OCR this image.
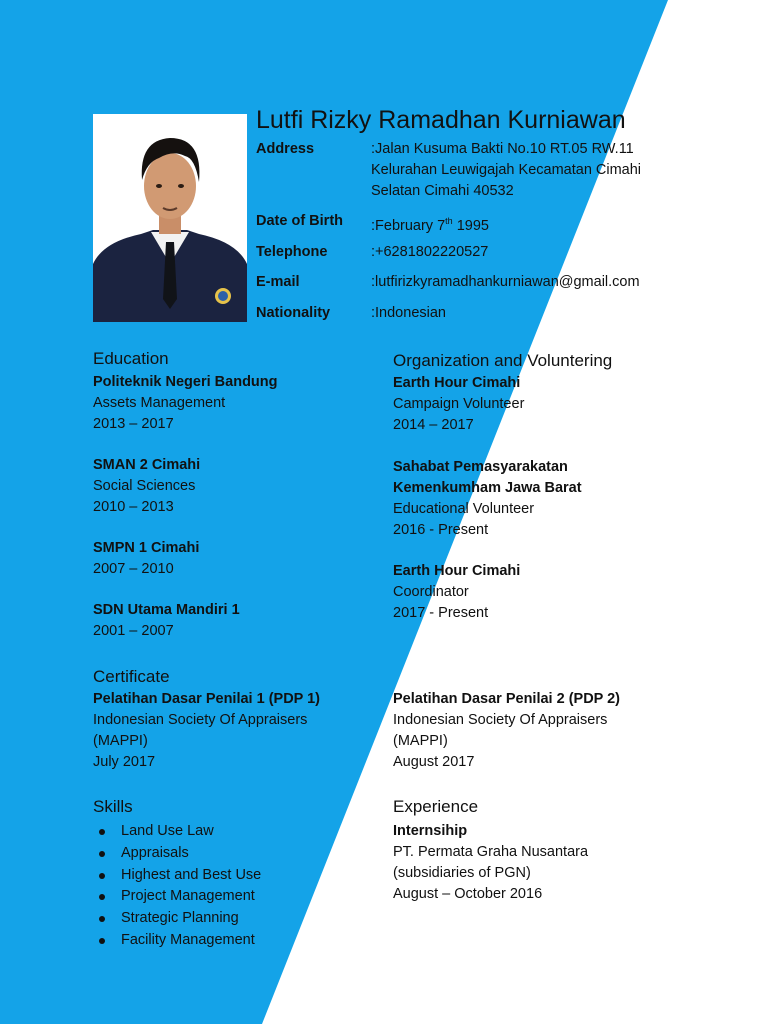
Lutfi Rizky Ramadhan Kurniawan
Address	:Jalan Kusuma Bakti No.10 RT.05 RW.11
Kelurahan Leuwigajah Kecamatan Cimahi
Selatan Cimahi 40532
Date of Birth :February 7th 1995
Telephone	:+6281802220527
E-mail	:lutfirizkyramadhankurniawan@gmail.com
Nationality	:Indonesian
Education
Politeknik Negeri Bandung
Assets Management
2013 – 2017
SMAN 2 Cimahi
Social Sciences
2010 – 2013
SMPN 1 Cimahi
2007 – 2010
SDN Utama Mandiri 1
2001 – 2007
Organization and Voluntering
Earth Hour Cimahi
Campaign Volunteer
2014 – 2017
Sahabat Pemasyarakatan
Kemenkumham Jawa Barat
Educational Volunteer
2016 - Present
Earth Hour Cimahi
Coordinator
2017 - Present
Certificate
Pelatihan Dasar Penilai 1 (PDP 1)
Indonesian Society Of Appraisers
(MAPPI)
July 2017
Pelatihan Dasar Penilai 2 (PDP 2)
Indonesian Society Of Appraisers
(MAPPI)
August 2017
Skills
Land Use Law
Appraisals
Highest and Best Use
Project Management
Strategic Planning
Facility Management
Experience
Internsihip
PT. Permata Graha Nusantara
(subsidiaries of PGN)
August – October 2016
